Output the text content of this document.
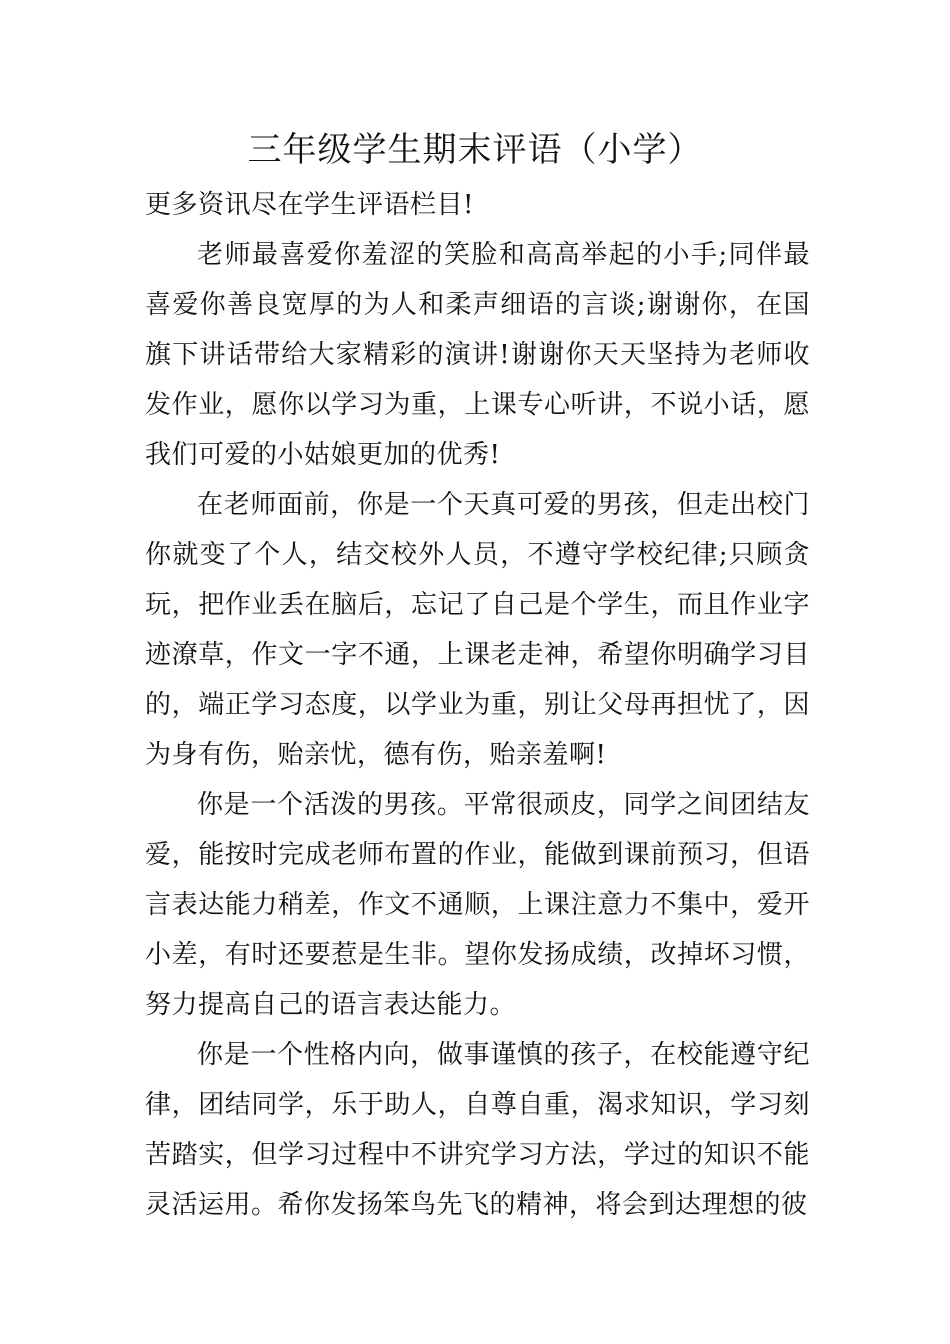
三年级学生期末评语（小学）

更多资讯尽在学生评语栏目!

老师最喜爱你羞涩的笑脸和高高举起的小手;同伴最喜爱你善良宽厚的为人和柔声细语的言谈;谢谢你，在国旗下讲话带给大家精彩的演讲!谢谢你天天坚持为老师收发作业，愿你以学习为重，上课专心听讲，不说小话，愿我们可爱的小姑娘更加的优秀!

在老师面前，你是一个天真可爱的男孩，但走出校门你就变了个人，结交校外人员，不遵守学校纪律;只顾贪玩，把作业丢在脑后，忘记了自己是个学生，而且作业字迹潦草，作文一字不通，上课老走神，希望你明确学习目的，端正学习态度，以学业为重，别让父母再担忧了，因为身有伤，贻亲忧，德有伤，贻亲羞啊!

你是一个活泼的男孩。平常很顽皮，同学之间团结友爱，能按时完成老师布置的作业，能做到课前预习，但语言表达能力稍差，作文不通顺，上课注意力不集中，爱开小差，有时还要惹是生非。望你发扬成绩，改掉坏习惯，努力提高自己的语言表达能力。

你是一个性格内向，做事谨慎的孩子，在校能遵守纪律，团结同学，乐于助人，自尊自重，渴求知识，学习刻苦踏实，但学习过程中不讲究学习方法，学过的知识不能灵活运用。希你发扬笨鸟先飞的精神，将会到达理想的彼
